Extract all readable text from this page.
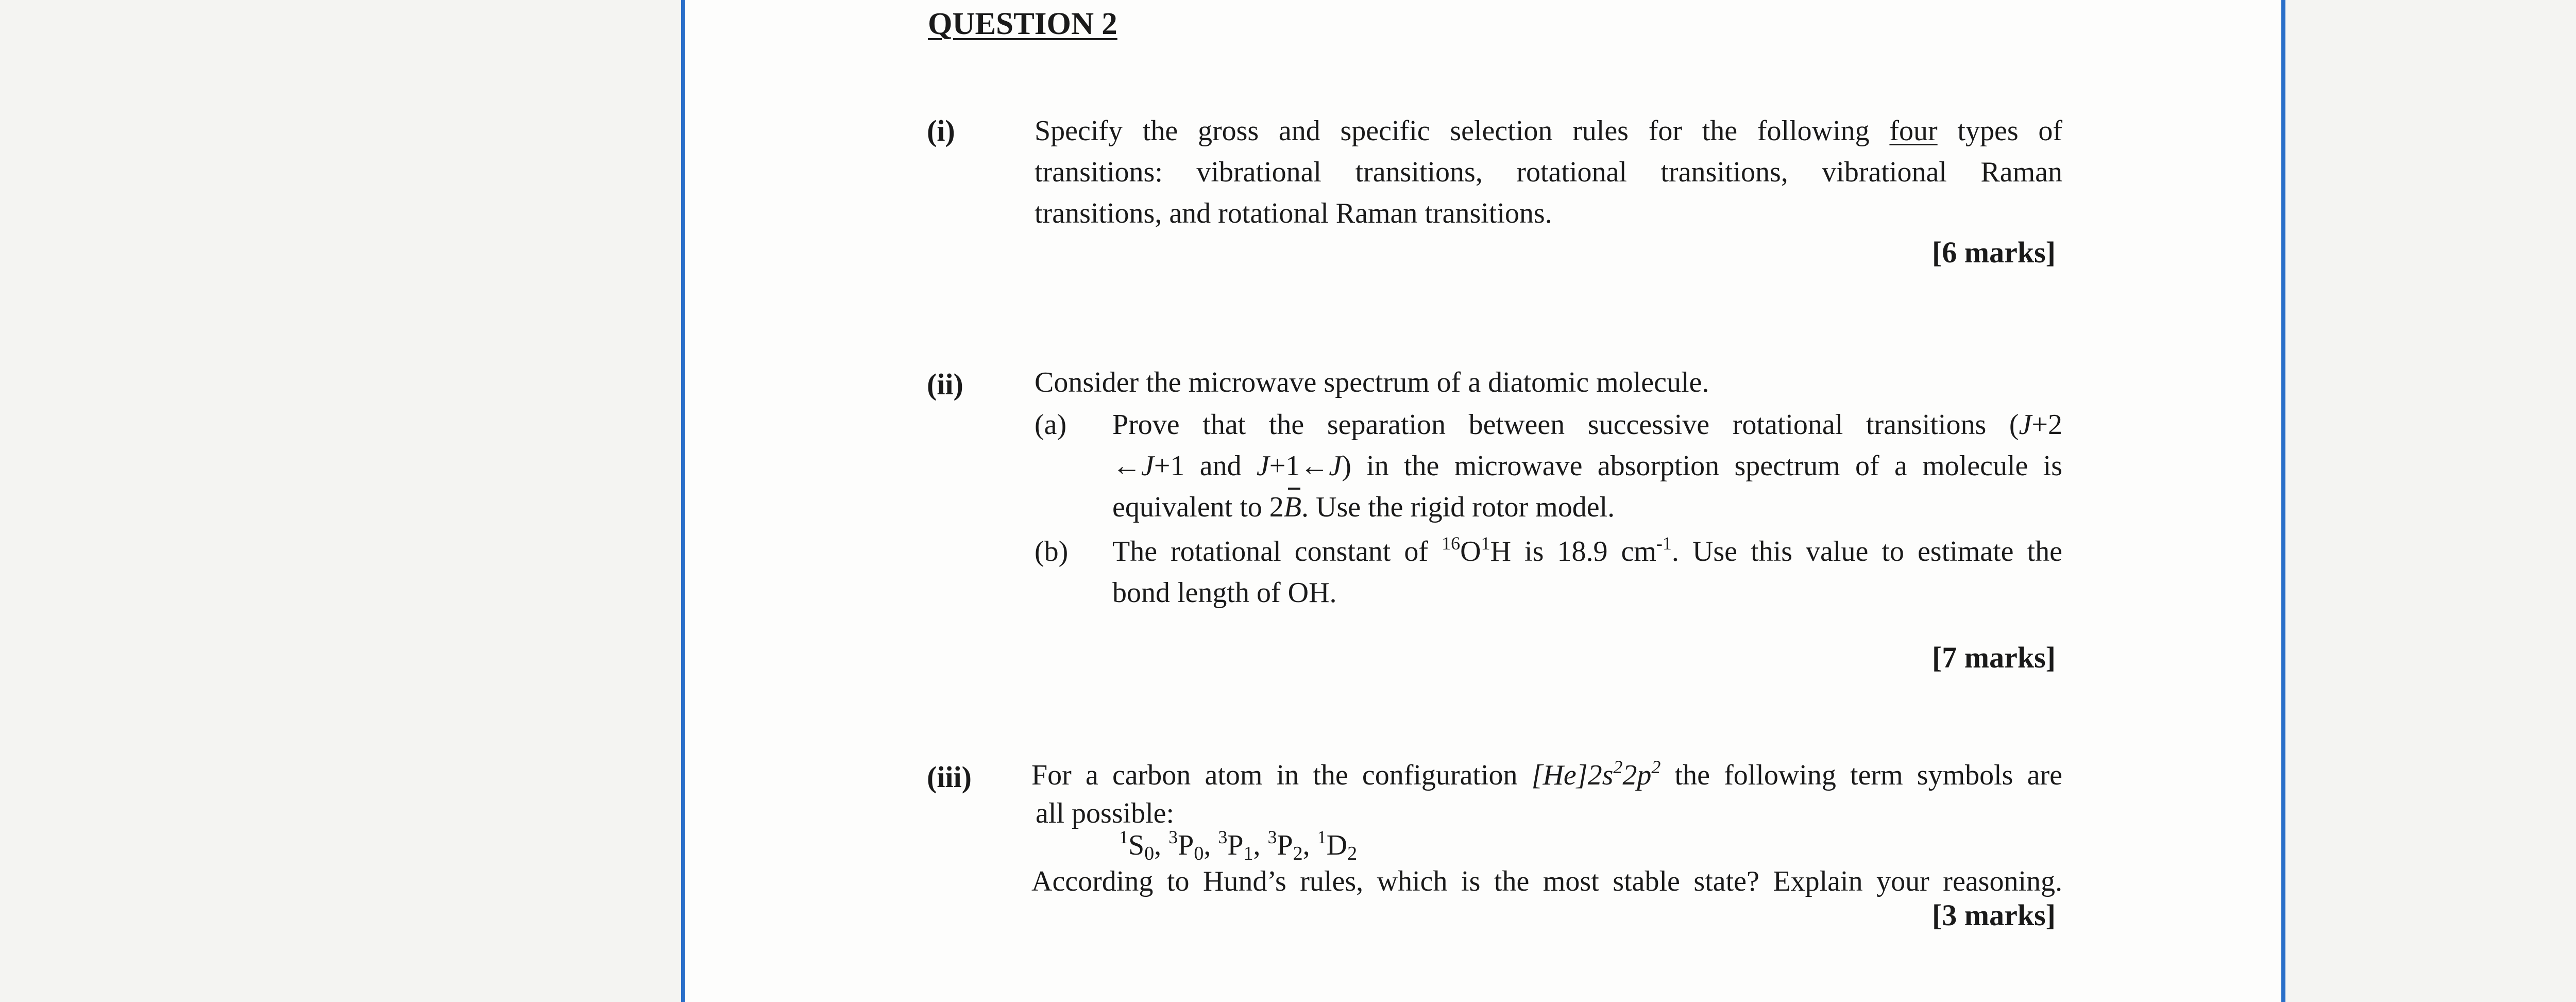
QUESTION 2
(i)	Specify the gross and specific selection rules for the following four types of
transitions: vibrational transitions, rotational transitions, vibrational Raman
transitions, and rotational Raman transitions.
[6 marks]
(ii) Consider the microwave spectrum of a diatomic molecule.
(a) Prove that the separation between successive rotational transitions (J+2
←J+1 and J+1←J) in the microwave absorption spectrum of a molecule is
equivalent to 2B. Use the rigid rotor model.
(b) The rotational constant of $^{16}O^1H$ is 18.9 $cm^{-1}$. Use this value to estimate the
bond length of OH.
[7 marks]
(iii) For a carbon atom in the configuration $[He]2s^22p^2$ the following term symbols are
all possible:
$^1S_0$, $^3P_0$, $^3P_1$, $^3P_2$, $^1D_2$
According to Hund’s rules, which is the most stable state? Explain your reasoning.
[3 marks]
